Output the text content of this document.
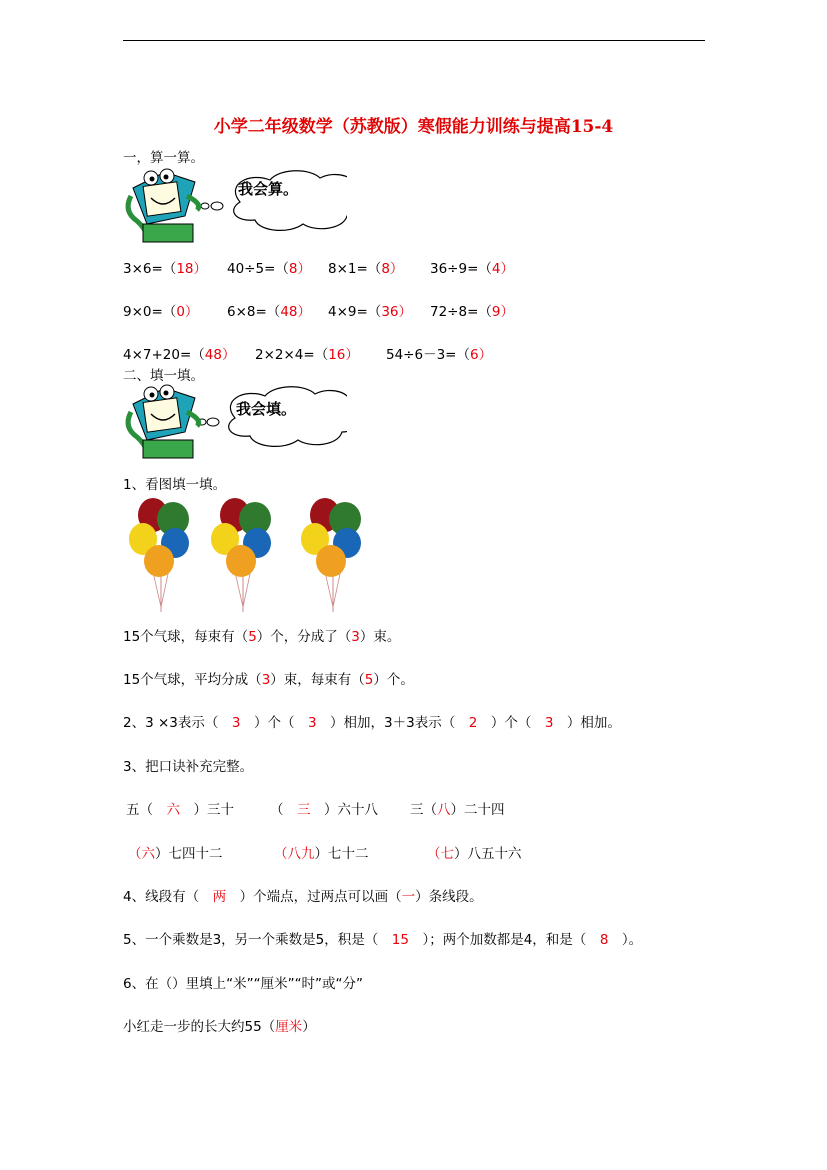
小学二年级数学（苏教版）寒假能力训练与提高15-4
一，算一算。
我会算。
3×6=（18） 40÷5=（8） 8×1=（8） 36÷9=（4）
9×0=（0） 6×8=（48） 4×9=（36） 72÷8=（9）
4×7+20=（48） 2×2×4=（16） 54÷6－3=（6）
二、填一填。
我会填。
1、看图填一填。
15个气球，每束有（5）个，分成了（3）束。
15个气球，平均分成（3）束，每束有（5）个。
2、3 ×3表示（　3　）个（　3　）相加，3＋3表示（　2　）个（　3　）相加。
3、把口诀补充完整。
五（　六　）三十	（　三　）六十八 三（八）二十四
（六）七四十二	（八九）七十二	（七）八五十六
4、线段有（　两　）个端点，过两点可以画（一）条线段。
5、一个乘数是3，另一个乘数是5，积是（　15　）；两个加数都是4，和是（　8　）。
6、在（）里填上“米”“厘米”“时”或“分”
小红走一步的长大约55（厘米）
